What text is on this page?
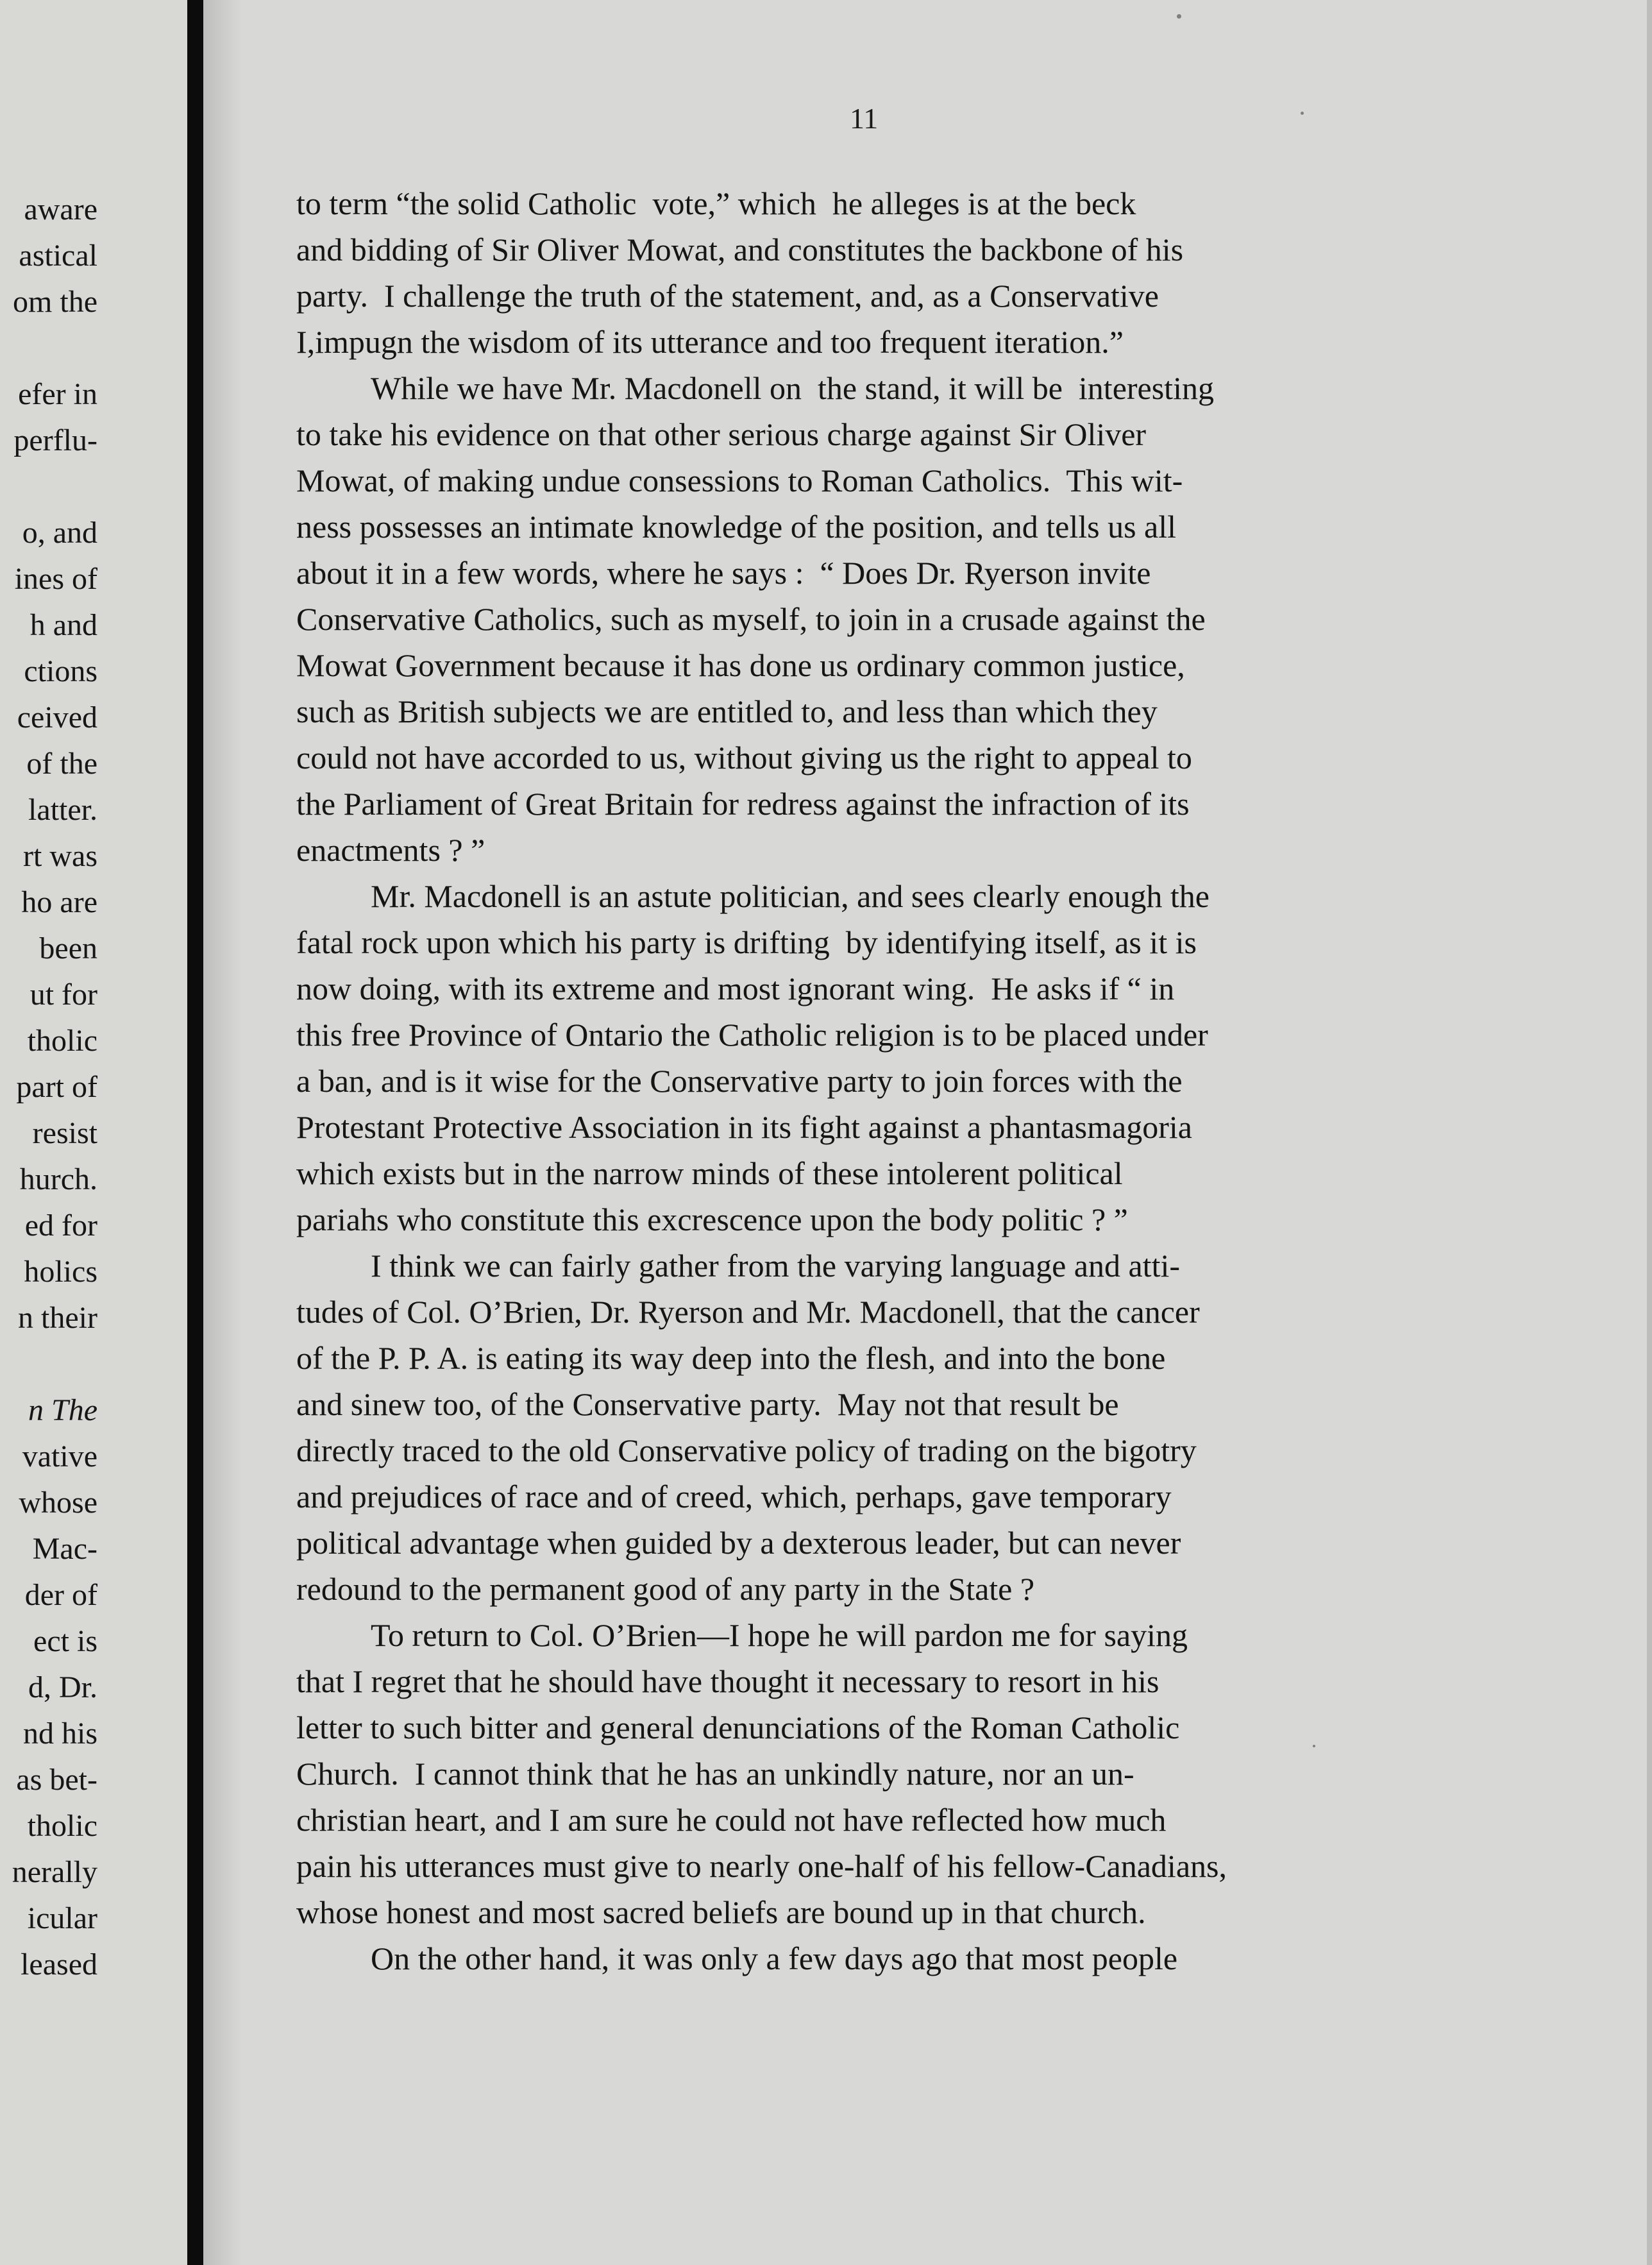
aware
astical
om the
efer in
perflu-
o, and
ines of
h and
ctions
ceived
of the
latter.
rt was
ho are
been
ut for
tholic
part of
resist
hurch.
ed for
holics
n their
n The
vative
whose
Mac-
der of
ect is
d, Dr.
nd his
as bet-
tholic
nerally
icular
leased
11
to term “the solid Catholic  vote,” which  he alleges is at the beck
and bidding of Sir Oliver Mowat, and constitutes the backbone of his
party.  I challenge the truth of the statement, and, as a Conservative
I,impugn the wisdom of its utterance and too frequent iteration.”
While we have Mr. Macdonell on  the stand, it will be  interesting
to take his evidence on that other serious charge against Sir Oliver
Mowat, of making undue consessions to Roman Catholics.  This wit-
ness possesses an intimate knowledge of the position, and tells us all
about it in a few words, where he says :  “ Does Dr. Ryerson invite
Conservative Catholics, such as myself, to join in a crusade against the
Mowat Government because it has done us ordinary common justice,
such as British subjects we are entitled to, and less than which they
could not have accorded to us, without giving us the right to appeal to
the Parliament of Great Britain for redress against the infraction of its
enactments ? ”
Mr. Macdonell is an astute politician, and sees clearly enough the
fatal rock upon which his party is drifting  by identifying itself, as it is
now doing, with its extreme and most ignorant wing.  He asks if “ in
this free Province of Ontario the Catholic religion is to be placed under
a ban, and is it wise for the Conservative party to join forces with the
Protestant Protective Association in its fight against a phantasmagoria
which exists but in the narrow minds of these intolerent political
pariahs who constitute this excrescence upon the body politic ? ”
I think we can fairly gather from the varying language and atti-
tudes of Col. O’Brien, Dr. Ryerson and Mr. Macdonell, that the cancer
of the P. P. A. is eating its way deep into the flesh, and into the bone
and sinew too, of the Conservative party.  May not that result be
directly traced to the old Conservative policy of trading on the bigotry
and prejudices of race and of creed, which, perhaps, gave temporary
political advantage when guided by a dexterous leader, but can never
redound to the permanent good of any party in the State ?
To return to Col. O’Brien—I hope he will pardon me for saying
that I regret that he should have thought it necessary to resort in his
letter to such bitter and general denunciations of the Roman Catholic
Church.  I cannot think that he has an unkindly nature, nor an un-
christian heart, and I am sure he could not have reflected how much
pain his utterances must give to nearly one-half of his fellow-Canadians,
whose honest and most sacred beliefs are bound up in that church.
On the other hand, it was only a few days ago that most people
